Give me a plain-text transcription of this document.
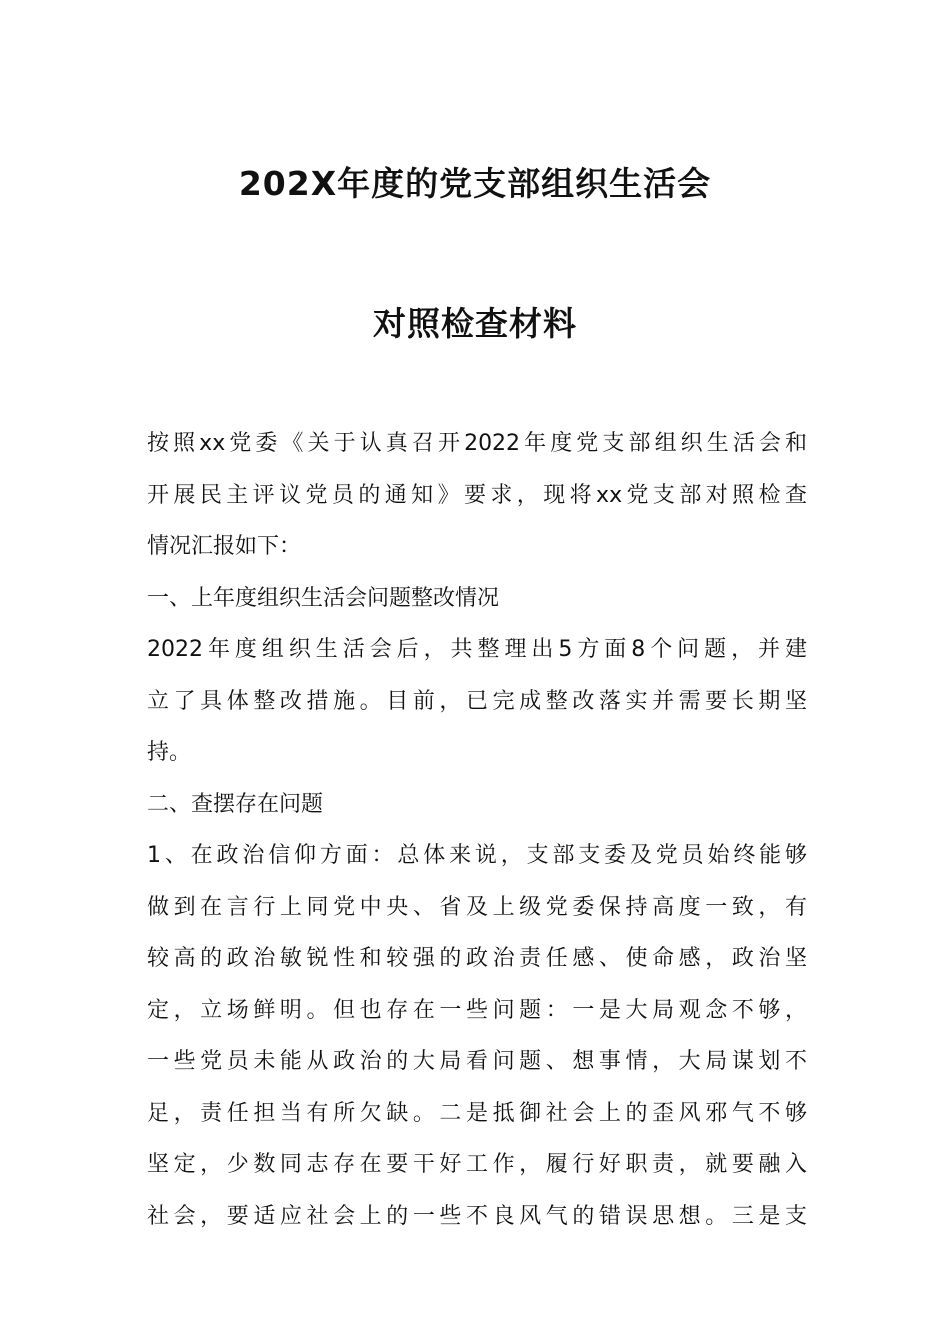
202X年度的党支部组织生活会
对照检查材料
按照xx党委《关于认真召开2022年度党支部组织生活会和
开展民主评议党员的通知》要求，现将xx党支部对照检查
情况汇报如下：
一、上年度组织生活会问题整改情况
2022年度组织生活会后，共整理出5方面8个问题，并建
立了具体整改措施。目前，已完成整改落实并需要长期坚
持。
二、查摆存在问题
1、在政治信仰方面：总体来说，支部支委及党员始终能够
做到在言行上同党中央、省及上级党委保持高度一致，有
较高的政治敏锐性和较强的政治责任感、使命感，政治坚
定，立场鲜明。但也存在一些问题：一是大局观念不够，
一些党员未能从政治的大局看问题、想事情，大局谋划不
足，责任担当有所欠缺。二是抵御社会上的歪风邪气不够
坚定，少数同志存在要干好工作，履行好职责，就要融入
社会，要适应社会上的一些不良风气的错误思想。三是支
